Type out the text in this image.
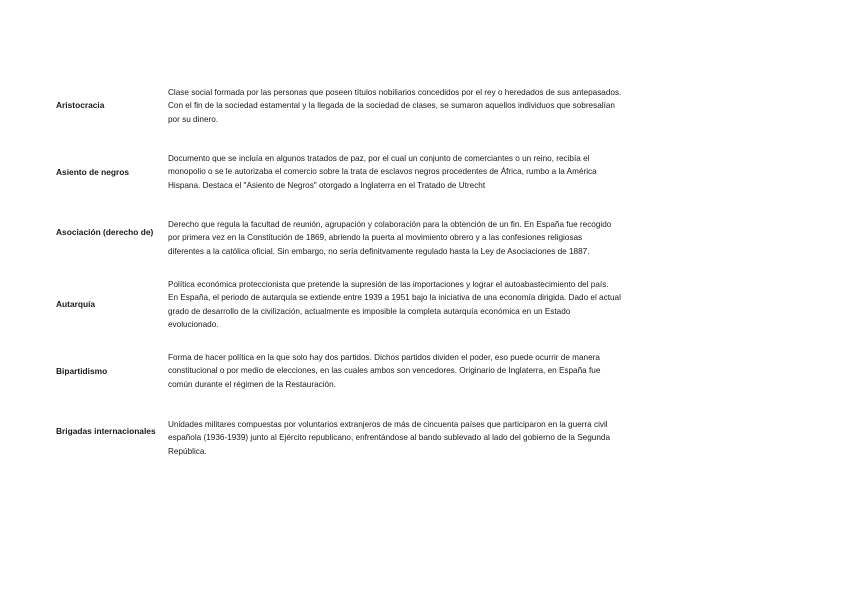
Aristocracia

Clase social formada por las personas que poseen títulos nobiliarios concedidos por el rey o heredados de sus antepasados.
Con el fin de la sociedad estamental y la llegada de la sociedad de clases, se sumaron aquellos individuos que sobresalían
por su dinero.

Asiento de negros

Documento que se incluía en algunos tratados de paz, por el cual un conjunto de comerciantes o un reino, recibía el
monopolio o se le autorizaba el comercio sobre la trata de esclavos negros procedentes de África, rumbo a la América
Hispana. Destaca el "Asiento de Negros" otorgado a Inglaterra en el Tratado de Utrecht

Asociación (derecho de)

Derecho que regula la facultad de reunión, agrupación y colaboración para la obtención de un fin. En España fue recogido
por primera vez en la Constitución de 1869, abriendo la puerta al movimiento obrero y a las confesiones religiosas
diferentes a la católica oficial. Sin embargo, no sería definitvamente regulado hasta la Ley de Asociaciones de 1887.

Autarquía

Política económica proteccionista que pretende la supresión de las importaciones y lograr el autoabastecimiento del país.
En España, el periodo de autarquía se extiende entre 1939 a 1951 bajo la iniciativa de una economía dirigida. Dado el actual
grado de desarrollo de la civilización, actualmente es imposible la completa autarquía económica en un Estado
evolucionado.

Bipartidismo

Forma de hacer política en la que solo hay dos partidos. Dichos partidos dividen el poder, eso puede ocurrir de manera
constitucional o por medio de elecciones, en las cuales ambos son vencedores. Originario de Inglaterra, en España fue
común durante el régimen de la Restauración.

Brigadas internacionales

Unidades militares compuestas por voluntarios extranjeros de más de cincuenta países que participaron en la guerra civil
española (1936-1939) junto al Ejército republicano, enfrentándose al bando sublevado al lado del gobierno de la Segunda
República.
